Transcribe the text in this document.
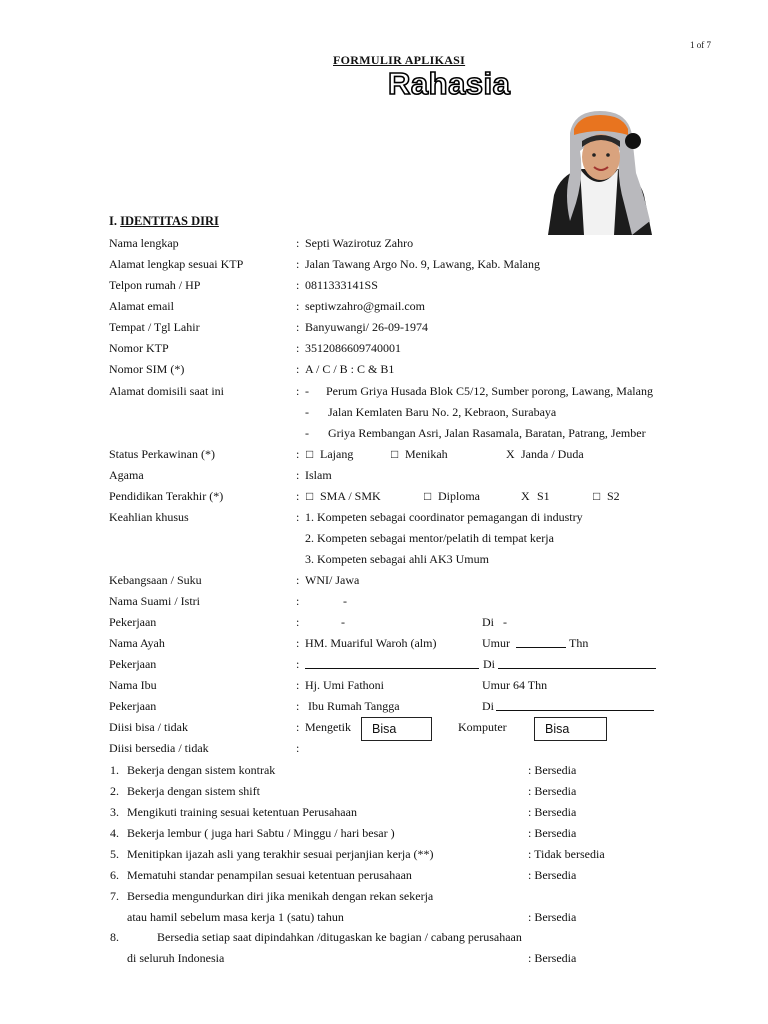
1 of 7
FORMULIR APLIKASI
Rahasia
I. IDENTITAS DIRI
Nama lengkap	: Septi Wazirotuz Zahro
Alamat lengkap sesuai KTP	: Jalan Tawang Argo No. 9, Lawang, Kab. Malang
Telpon rumah / HP	: 0811333141SS
Alamat email	: septiwzahro@gmail.com
Tempat / Tgl Lahir	: Banyuwangi/ 26-09-1974
Nomor KTP	: 3512086609740001
Nomor SIM (*)	: A / C / B : C & B1
Alamat domisili saat ini	: - Perum Griya Husada Blok C5/12, Sumber porong, Lawang, Malang
- Jalan Kemlaten Baru No. 2, Kebraon, Surabaya
- Griya Rembangan Asri, Jalan Rasamala, Baratan, Patrang, Jember
Status Perkawinan (*)	: □ Lajang	□ Menikah	X Janda / Duda
Agama	: Islam
Pendidikan Terakhir (*)	: □ SMA / SMK	□ Diploma	X S1	□ S2
Keahlian khusus	: 1. Kompeten sebagai coordinator pemagangan di industry
2. Kompeten sebagai mentor/pelatih di tempat kerja
3. Kompeten sebagai ahli AK3 Umum
Kebangsaan / Suku	: WNI/ Jawa
Nama Suami / Istri	:	-
Pekerjaan	:	-	Di -
Nama Ayah	: HM. Muariful Waroh (alm)	Umur	Thn
Pekerjaan	:	Di
Nama Ibu	: Hj. Umi Fathoni	Umur 64 Thn
Pekerjaan	: Ibu Rumah Tangga	Di
Diisi bisa / tidak	: Mengetik	Bisa	Komputer	Bisa
Diisi bersedia / tidak	:
1. Bekerja dengan sistem kontrak	: Bersedia
2. Bekerja dengan sistem shift	: Bersedia
3. Mengikuti training sesuai ketentuan Perusahaan	: Bersedia
4. Bekerja lembur ( juga hari Sabtu / Minggu / hari besar )	: Bersedia
5. Menitipkan ijazah asli yang terakhir sesuai perjanjian kerja (**)	: Tidak bersedia
6. Mematuhi standar penampilan sesuai ketentuan perusahaan	: Bersedia
7. Bersedia mengundurkan diri jika menikah dengan rekan sekerja
atau hamil sebelum masa kerja 1 (satu) tahun	: Bersedia
8.	Bersedia setiap saat dipindahkan /ditugaskan ke bagian / cabang perusahaan
di seluruh Indonesia	: Bersedia
